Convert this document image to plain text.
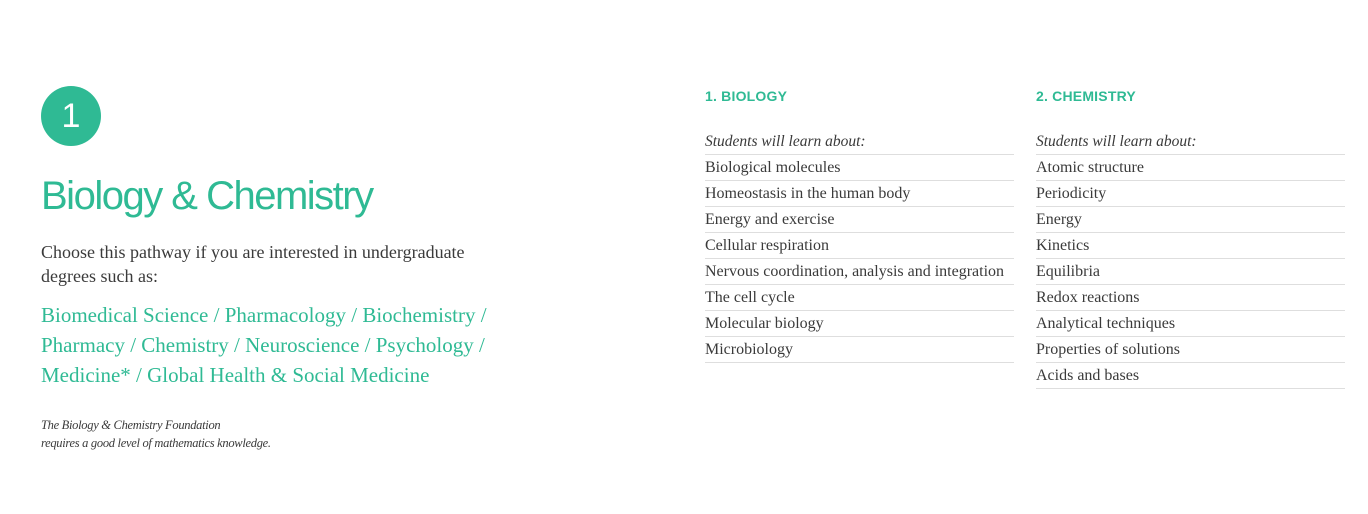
1
Biology & Chemistry

Choose this pathway if you are interested in undergraduate degrees such as:

Biomedical Science / Pharmacology / Biochemistry / Pharmacy / Chemistry / Neuroscience / Psychology / Medicine* / Global Health & Social Medicine

The Biology & Chemistry Foundation
requires a good level of mathematics knowledge.

1. BIOLOGY
Students will learn about:
Biological molecules
Homeostasis in the human body
Energy and exercise
Cellular respiration
Nervous coordination, analysis and integration
The cell cycle
Molecular biology
Microbiology
2. CHEMISTRY
Students will learn about:
Atomic structure
Periodicity
Energy
Kinetics
Equilibria
Redox reactions
Analytical techniques
Properties of solutions
Acids and bases
